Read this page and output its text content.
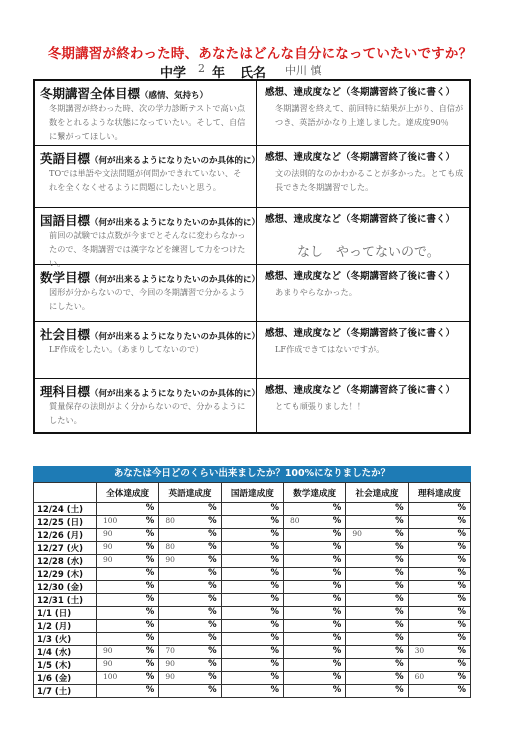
冬期講習が終わった時、あなたはどんな自分になっていたいですか？
中学 2 年 氏名 中川 慎
冬期講習全体目標（感情、気持ち）
冬期講習が終わった時、次の学力診断テストで高い点数をとれるような状態になっていたい。そして、自信に繋がってほしい。
感想、達成度など（冬期講習終了後に書く）
冬期講習を終えて、前回特に結果が上がり、自信がつき、英語がかなり上達しました。達成度90％
英語目標（何が出来るようになりたいのか具体的に）
TOでは単語や文法問題が何問かできれていない、それを全くなくせるように問題にしたいと思う。
感想、達成度など（冬期講習終了後に書く）
文の法則的なのかわかることが多かった。とても成長できた冬期講習でした。
国語目標（何が出来るようになりたいのか具体的に）
前回の試験では点数が今までとそんなに変わらなかったので、冬期講習では漢字などを練習して力をつけたい。
感想、達成度など（冬期講習終了後に書く）
なし　やってないので。
数学目標（何が出来るようになりたいのか具体的に）
図形が分からないので、今回の冬期講習で分かるようにしたい。
感想、達成度など（冬期講習終了後に書く）
あまりやらなかった。
社会目標（何が出来るようになりたいのか具体的に）
LF作成をしたい。（あまりしてないので）
感想、達成度など（冬期講習終了後に書く）
LF作成できてはないですが。
理科目標（何が出来るようになりたいのか具体的に）
質量保存の法則がよく分からないので、分かるようにしたい。
感想、達成度など（冬期講習終了後に書く）
とても頑張りました！！
あなたは今日どのくらい出来ましたか？100%になりましたか？
	全体達成度	英語達成度	国語達成度	数学達成度	社会達成度	理科達成度
12/24 (土)	%	%	%	%	%	%

12/25 (日)	100 %	80 %	%	80 %	%	%

12/26 (月)	90 %	%	%	%	90 %	%

12/27 (火)	90 %	80 %	%	%	%	%

12/28 (水)	90 %	90 %	%	%	%	%

12/29 (木)	%	%	%	%	%	%

12/30 (金)	%	%	%	%	%	%

12/31 (土)	%	%	%	%	%	%

1/1 (日)	%	%	%	%	%	%

1/2 (月)	%	%	%	%	%	%

1/3 (火)	%	%	%	%	%	%

1/4 (水)	90 %	70 %	%	%	%	30 %

1/5 (木)	90 %	90 %	%	%	%	%

1/6 (金)	100 %	90 %	%	%	%	60 %

1/7 (土)	%	%	%	%	%	%
